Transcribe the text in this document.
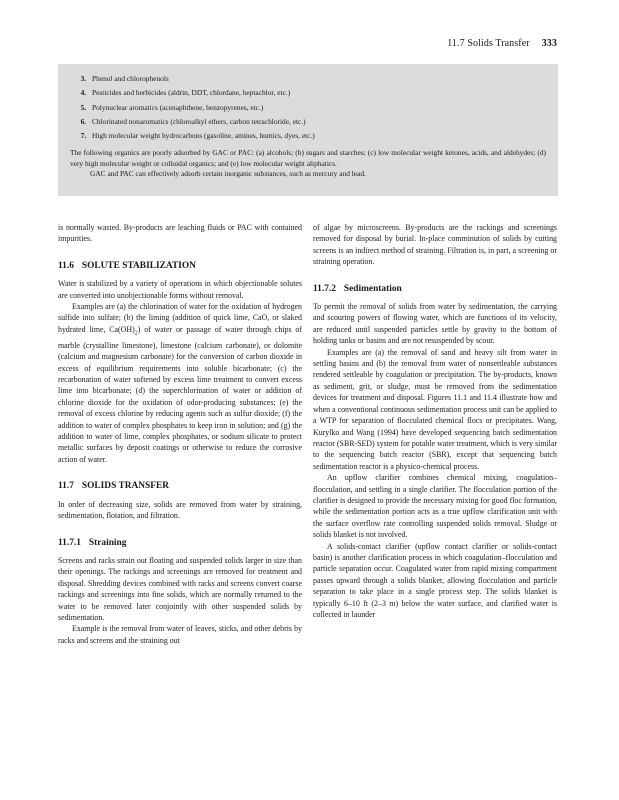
11.7 Solids Transfer 333
3. Phenol and chlorophenols
4. Pesticides and herbicides (aldrin, DDT, chlordane, heptachlor, etc.)
5. Polynuclear aromatics (acenaphthene, benzopyrenes, etc.)
6. Chlorinated nonaromatics (chloroalkyl ethers, carbon tetrachloride, etc.)
7. High molecular weight hydrocarbons (gasoline, amines, humics, dyes, etc.)

The following organics are poorly adsorbed by GAC or PAC: (a) alcohols; (b) sugars and starches; (c) low molecular weight ketones, acids, and aldehydes; (d) very high molecular weight or colloidal organics; and (e) low molecular weight aliphatics.

GAC and PAC can effectively adsorb certain inorganic substances, such as mercury and lead.

is normally wasted. By-products are leaching fluids or PAC with contained impurities.

11.6 SOLUTE STABILIZATION

Water is stabilized by a variety of operations in which objectionable solutes are converted into unobjectionable forms without removal.

Examples are (a) the chlorination of water for the oxidation of hydrogen sulfide into sulfate; (b) the liming (addition of quick lime, CaO, or slaked hydrated lime, $Ca(OH)_2$) of water or passage of water through chips of marble (crystalline limestone), limestone (calcium carbonate), or dolomite (calcium and magnesium carbonate) for the conversion of carbon dioxide in excess of equilibrium requirements into soluble bicarbonate; (c) the recarbonation of water softened by excess lime treatment to convert excess lime into bicarbonate; (d) the superchlorination of water or addition of chlorine dioxide for the oxidation of odor-producing substances; (e) the removal of excess chlorine by reducing agents such as sulfur dioxide; (f) the addition to water of complex phosphates to keep iron in solution; and (g) the addition to water of lime, complex phosphates, or sodium silicate to protect metallic surfaces by deposit coatings or otherwise to reduce the corrosive action of water.

11.7 SOLIDS TRANSFER

In order of decreasing size, solids are removed from water by straining, sedimentation, flotation, and filtration.

11.7.1 Straining

Screens and racks strain out floating and suspended solids larger in size than their openings. The rackings and screenings are removed for treatment and disposal. Shredding devices combined with racks and screens convert coarse rackings and screenings into fine solids, which are normally returned to the water to be removed later conjointly with other suspended solids by sedimentation.

Example is the removal from water of leaves, sticks, and other debris by racks and screens and the straining out

of algae by microscreens. By-products are the rackings and screenings removed for disposal by burial. In-place comminution of solids by cutting screens is an indirect method of straining. Filtration is, in part, a screening or straining operation.

11.7.2 Sedimentation

To permit the removal of solids from water by sedimentation, the carrying and scouring powers of flowing water, which are functions of its velocity, are reduced until suspended particles settle by gravity to the bottom of holding tanks or basins and are not resuspended by scour.

Examples are (a) the removal of sand and heavy silt from water in settling basins and (b) the removal from water of nonsettleable substances rendered settleable by coagulation or precipitation. The by-products, known as sediment, grit, or sludge, must be removed from the sedimentation devices for treatment and disposal. Figures 11.1 and 11.4 illustrate how and when a conventional continuous sedimentation process unit can be applied to a WTP for separation of flocculated chemical flocs or precipitates. Wang, Kurylko and Wang (1994) have developed sequencing batch sedimentation reactor (SBR-SED) system for potable water treatment, which is very similar to the sequencing batch reactor (SBR), except that sequencing batch sedimentation reactor is a physico-chemical process.

An upflow clarifier combines chemical mixing, coagulation–flocculation, and settling in a single clarifier. The flocculation portion of the clarifier is designed to provide the necessary mixing for good floc formation, while the sedimentation portion acts as a true upflow clarification unit with the surface overflow rate controlling suspended solids removal. Sludge or solids blanket is not involved.

A solids-contact clarifier (upflow contact clarifier or solids-contact basin) is another clarification process in which coagulation–flocculation and particle separation occur. Coagulated water from rapid mixing compartment passes upward through a solids blanket, allowing flocculation and particle separation to take place in a single process step. The solids blanket is typically 6–10 ft (2–3 m) below the water surface, and clarified water is collected in launder
